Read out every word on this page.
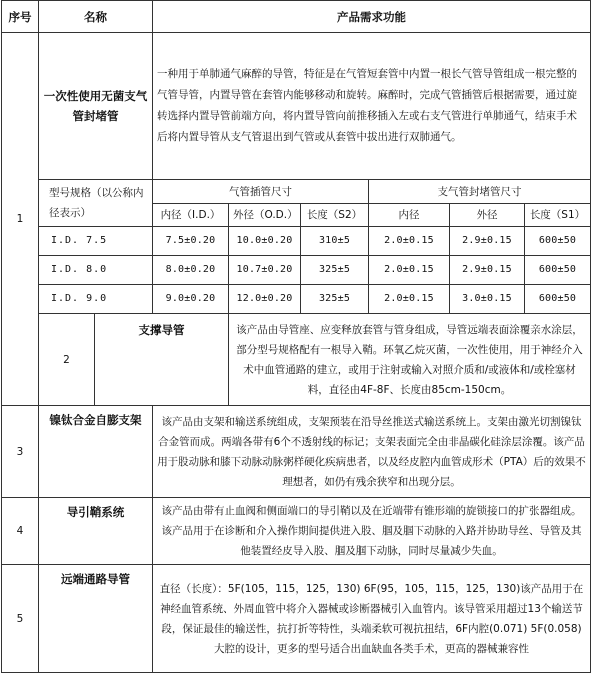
序号	名称		产品需求功能					
1	一次性使用无菌支气管封堵管		一种用于单肺通气麻醉的导管，特征是在气管短套管中内置一根长气管导管组成一根完整的气管导管，内置导管在套管内能够移动和旋转。麻醉时，完成气管插管后根据需要，通过旋转选择内置导管前端方向，将内置导管向前推移插入左或右支气管进行单肺通气，结束手术后将内置导管从支气管退出到气管或从套管中拔出进行双肺通气。					
	型号规格（以公称内径表示）		气管插管尺寸			支气管封堵管尺寸		
			内径（I.D.）	外径（O.D.）	长度（S2）	内径	外径	长度（S1）
	I.D. 7.5		7.5±0.20	10.0±0.20	310±5	2.0±0.15	2.9±0.15	600±50
	I.D. 8.0		8.0±0.20	10.7±0.20	325±5	2.0±0.15	2.9±0.15	600±50
	I.D. 9.0		9.0±0.20	12.0±0.20	325±5	2.0±0.15	3.0±0.15	600±50
	2	支撑导管		该产品由导管座、应变释放套管与管身组成，导管远端表面涂覆亲水涂层，部分型号规格配有一根导入鞘。环氧乙烷灭菌，一次性使用，用于神经介入术中血管通路的建立，或用于注射或输入对照介质和/或液体和/或栓塞材料，直径由4F-8F、长度由85cm-150cm。				
3	镍钛合金自膨支架		该产品由支架和输送系统组成，支架预装在沿导丝推送式输送系统上。支架由激光切割镍钛合金管而成。两端各带有6个不透射线的标记；支架表面完全由非晶碳化硅涂层涂覆。该产品用于股动脉和膝下动脉动脉粥样硬化疾病患者，以及经皮腔内血管成形术（PTA）后的效果不理想者，如仍有残余狭窄和出现分层。					
4	导引鞘系统		该产品由带有止血阀和侧面端口的导引鞘以及在近端带有锥形端的旋锁接口的扩张器组成。该产品用于在诊断和介入操作期间提供进入股、腘及腘下动脉的入路并协助导丝、导管及其他装置经皮导入股、腘及腘下动脉，同时尽量减少失血。					
5	远端通路导管		直径（长度）：5F(105，115，125，130) 6F(95，105，115，125，130)该产品用于在神经血管系统、外周血管中将介入器械或诊断器械引入血管内。该导管采用超过13个输送节段，保证最佳的输送性，抗打折等特性，头端柔软可视抗扭结，6F内腔(0.071) 5F(0.058)大腔的设计，更多的型号适合出血缺血各类手术，更高的器械兼容性					
